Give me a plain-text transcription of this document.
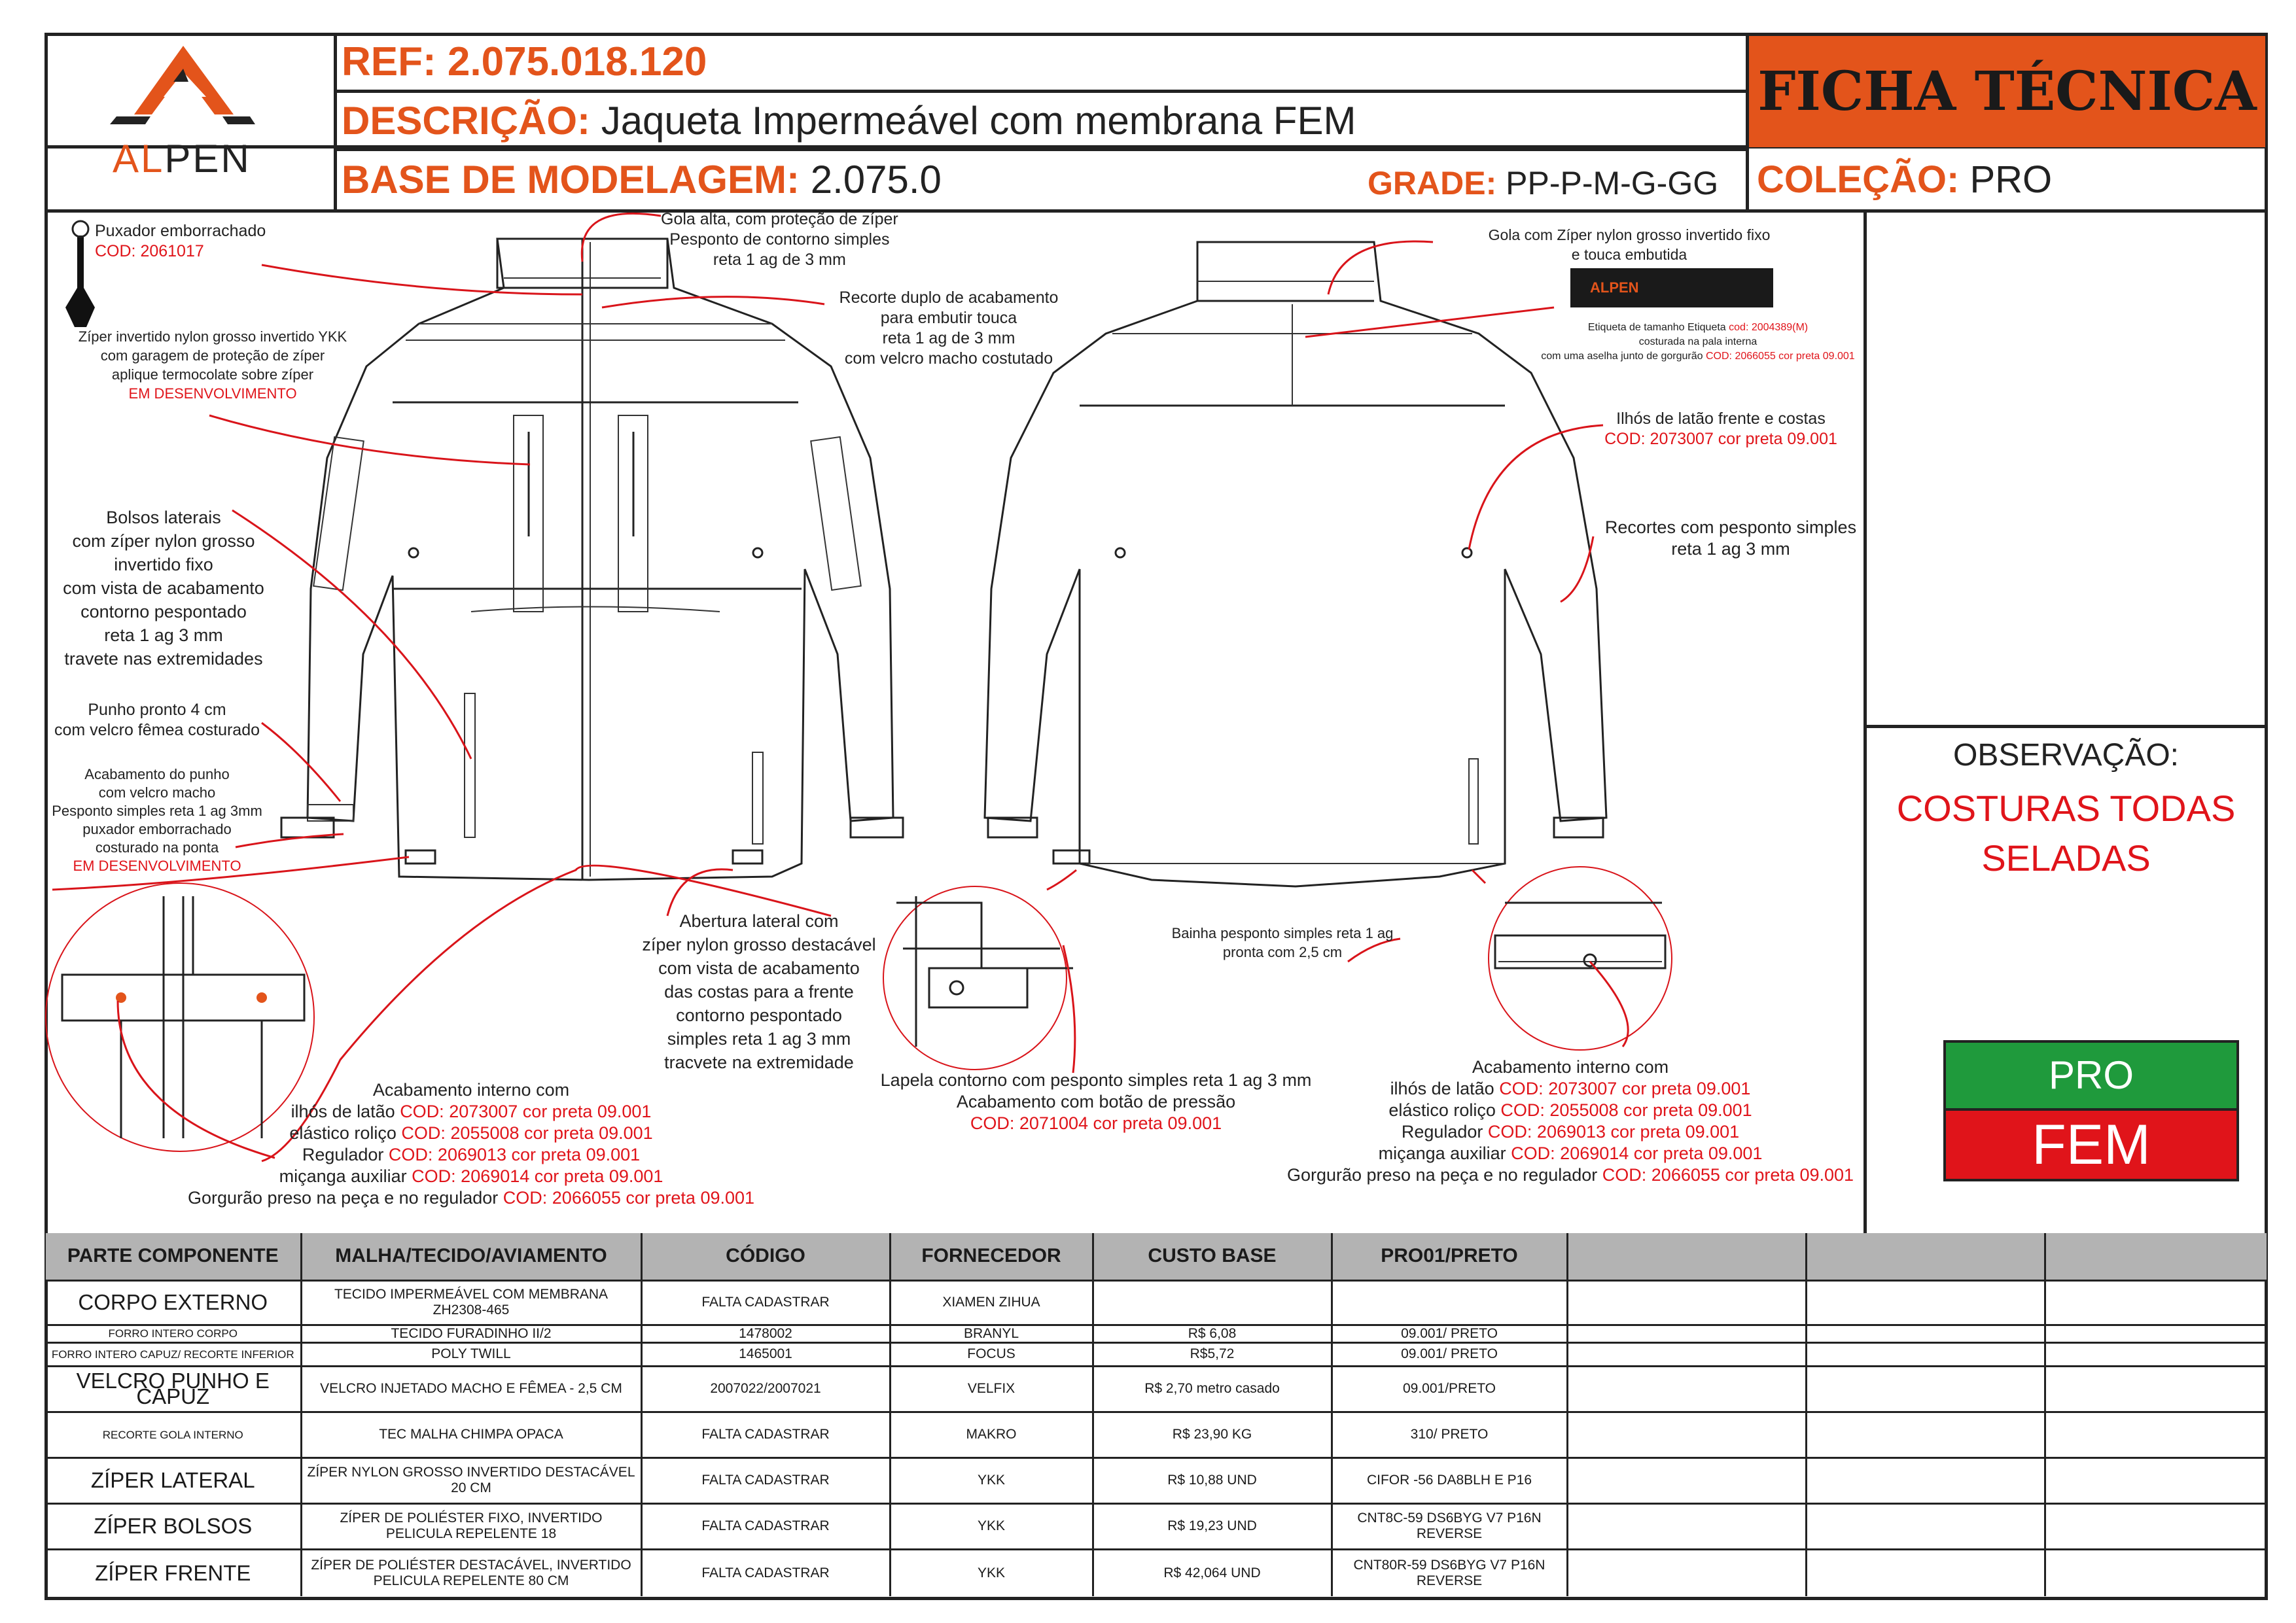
ALPEN
REF: 2.075.018.120
DESCRIÇÃO: Jaqueta Impermeável com membrana FEM
BASE DE MODELAGEM: 2.075.0	GRADE: PP-P-M-G-GG
FICHA TÉCNICA
COLEÇÃO: PRO
ALPEN
Puxador emborrachado
COD: 2061017
Gola alta, com proteção de zíper
Pesponto de contorno simples
reta 1 ag de 3 mm
Zíper invertido nylon grosso invertido YKK
com garagem de proteção de zíper
aplique termocolate sobre zíper
EM DESENVOLVIMENTO
Recorte duplo de acabamento
para embutir touca
reta 1 ag de 3 mm
com velcro macho costutado
Bolsos laterais
com zíper nylon grosso
invertido fixo
com vista de acabamento
contorno pespontado
reta 1 ag 3 mm
travete nas extremidades
Punho pronto 4 cm
com velcro fêmea costurado
Acabamento do punho
com velcro macho
Pesponto simples reta 1 ag 3mm
puxador emborrachado
costurado na ponta
EM DESENVOLVIMENTO
Abertura lateral com
zíper nylon grosso destacável
com vista de acabamento
das costas para a frente
contorno pespontado
simples reta 1 ag 3 mm
tracvete na extremidade
Acabamento interno com
ilhós de latão COD: 2073007 cor preta 09.001
elástico roliço COD: 2055008 cor preta 09.001
Regulador COD: 2069013 cor preta 09.001
miçanga auxiliar COD: 2069014 cor preta 09.001
Gorgurão preso na peça e no regulador COD: 2066055 cor preta 09.001
Lapela contorno com pesponto simples reta 1 ag 3 mm
Acabamento com botão de pressão
COD: 2071004 cor preta 09.001
Gola com Zíper nylon grosso invertido fixo
e touca embutida
Etiqueta de tamanho Etiqueta cod: 2004389(M)
costurada na pala interna
com uma aselha junto de gorgurão COD: 2066055 cor preta 09.001
Ilhós de latão frente e costas
COD: 2073007 cor preta 09.001
Recortes com pesponto simples
reta 1 ag 3 mm
Bainha pesponto simples reta 1 ag
pronta com 2,5 cm
Acabamento interno com
ilhós de latão COD: 2073007 cor preta 09.001
elástico roliço COD: 2055008 cor preta 09.001
Regulador COD: 2069013 cor preta 09.001
miçanga auxiliar COD: 2069014 cor preta 09.001
Gorgurão preso na peça e no regulador COD: 2066055 cor preta 09.001
OBSERVAÇÃO:
COSTURAS TODAS
SELADAS
PRO
FEM
PARTE COMPONENTE	MALHA/TECIDO/AVIAMENTO	CÓDIGO	FORNECEDOR	CUSTO BASE	PRO01/PRETO			
CORPO EXTERNO	TECIDO IMPERMEÁVEL COM MEMBRANA ZH2308-465	FALTA CADASTRAR	XIAMEN ZIHUA					
FORRO INTERO CORPO	TECIDO FURADINHO II/2	1478002	BRANYL	R$ 6,08	09.001/ PRETO			
FORRO INTERO CAPUZ/ RECORTE INFERIOR	POLY TWILL	1465001	FOCUS	R$5,72	09.001/ PRETO			
VELCRO PUNHO E CAPUZ	VELCRO INJETADO MACHO E FÊMEA - 2,5 CM	2007022/2007021	VELFIX	R$ 2,70 metro casado	09.001/PRETO			
RECORTE GOLA INTERNO	TEC MALHA CHIMPA OPACA	FALTA CADASTRAR	MAKRO	R$ 23,90 KG	310/ PRETO			
ZÍPER LATERAL	ZÍPER NYLON GROSSO INVERTIDO DESTACÁVEL 20 CM	FALTA CADASTRAR	YKK	R$ 10,88 UND	CIFOR -56 DA8BLH E P16			
ZÍPER BOLSOS	ZÍPER DE POLIÉSTER FIXO, INVERTIDO PELICULA REPELENTE 18	FALTA CADASTRAR	YKK	R$ 19,23 UND	CNT8C-59 DS6BYG V7 P16N REVERSE			
ZÍPER FRENTE	ZÍPER DE POLIÉSTER DESTACÁVEL, INVERTIDO PELICULA REPELENTE 80 CM	FALTA CADASTRAR	YKK	R$ 42,064 UND	CNT80R-59 DS6BYG V7 P16N REVERSE			
